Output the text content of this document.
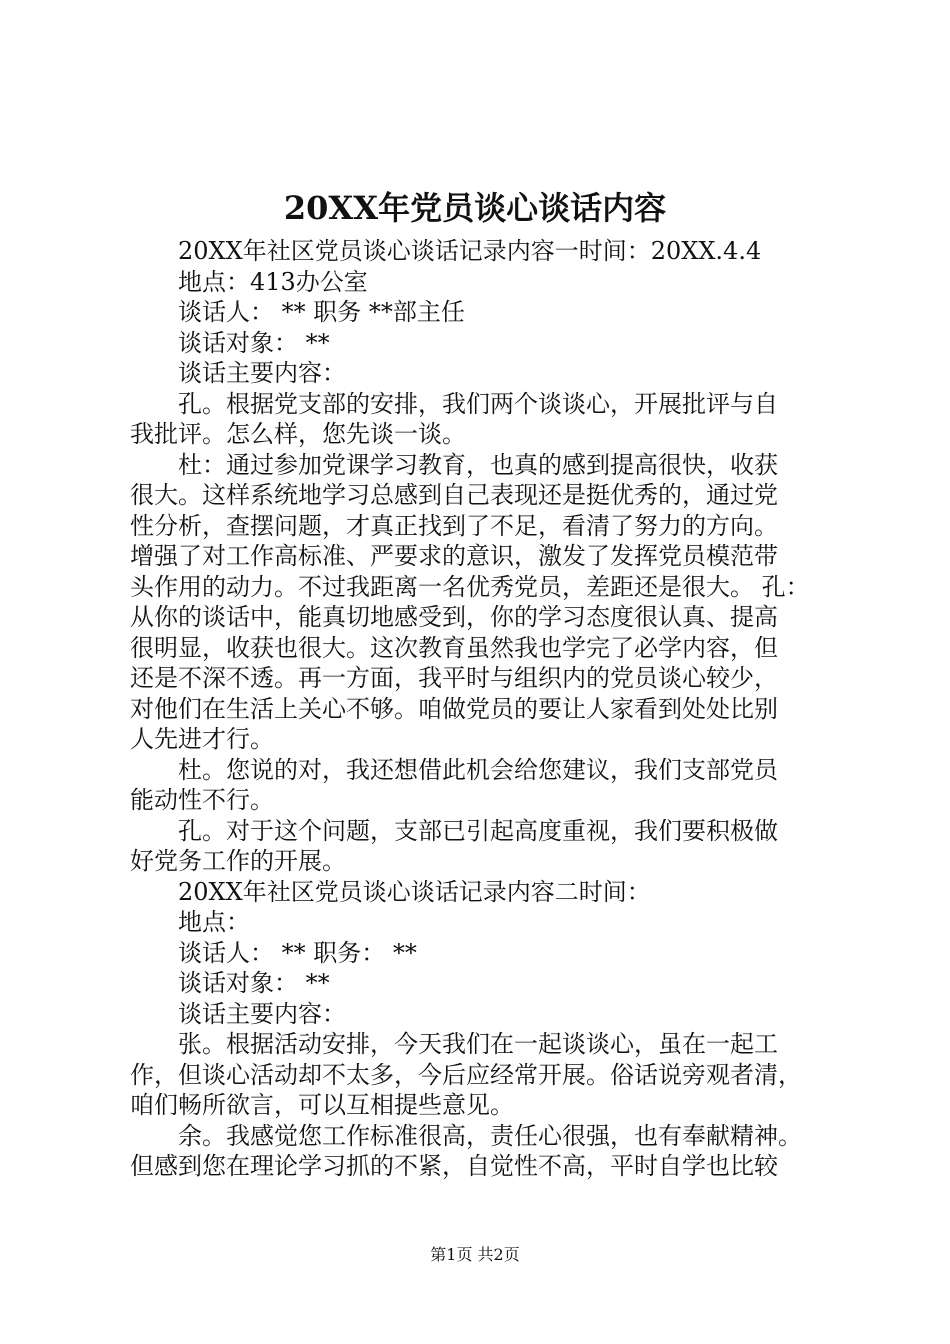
20XX年党员谈心谈话内容
20XX年社区党员谈心谈话记录内容一时间：20XX.4.4
地点：413办公室
谈话人： ** 职务 **部主任
谈话对象： **
谈话主要内容：
孔。根据党支部的安排，我们两个谈谈心，开展批评与自
我批评。怎么样，您先谈一谈。
杜：通过参加党课学习教育，也真的感到提高很快，收获
很大。这样系统地学习总感到自己表现还是挺优秀的，通过党
性分析，查摆问题，才真正找到了不足，看清了努力的方向。
增强了对工作高标准、严要求的意识，激发了发挥党员模范带
头作用的动力。不过我距离一名优秀党员，差距还是很大。 孔：
从你的谈话中，能真切地感受到，你的学习态度很认真、提高
很明显，收获也很大。这次教育虽然我也学完了必学内容，但
还是不深不透。再一方面，我平时与组织内的党员谈心较少，
对他们在生活上关心不够。咱做党员的要让人家看到处处比别
人先进才行。
杜。您说的对，我还想借此机会给您建议，我们支部党员
能动性不行。
孔。对于这个问题，支部已引起高度重视，我们要积极做
好党务工作的开展。
20XX年社区党员谈心谈话记录内容二时间：
地点：
谈话人： ** 职务： **
谈话对象： **
谈话主要内容：
张。根据活动安排，今天我们在一起谈谈心，虽在一起工
作，但谈心活动却不太多，今后应经常开展。俗话说旁观者清，
咱们畅所欲言，可以互相提些意见。
余。我感觉您工作标准很高，责任心很强，也有奉献精神。
但感到您在理论学习抓的不紧，自觉性不高，平时自学也比较
第1页 共2页
